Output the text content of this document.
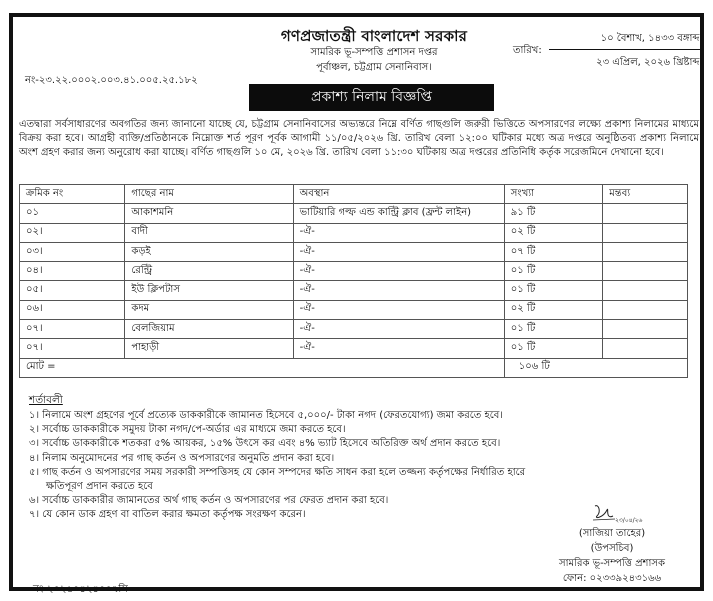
গণপ্রজাতন্ত্রী বাংলাদেশ সরকার
সামরিক ভূ-সম্পত্তি প্রশাসন দপ্তর
পূর্বাঞ্চল, চট্টগ্রাম সেনানিবাস।
নং-২৩.২২.০০০২.০০৩.৪১.০০৫.২৫.১৮২
তারিখ:
১০ বৈশাখ, ১৪৩৩ বঙ্গাব্দ।
২৩ এপ্রিল, ২০২৬ খ্রিষ্টাব্দ।
প্রকাশ্য নিলাম বিজ্ঞপ্তি

এতদ্বারা সর্বসাধারণের অবগতির জন্য জানানো যাচ্ছে যে, চট্টগ্রাম সেনানিবাসের অভ্যন্তরে নিম্নে বর্ণিত গাছগুলি জরুরী ভিত্তিতে অপসারণের লক্ষ্যে প্রকাশ্য নিলামের মাধ্যমে বিক্রয় করা হবে। আগ্রহী ব্যক্তি/প্রতিষ্ঠানকে নিম্নোক্ত শর্ত পূরণ পূর্বক আগামী ১১/০৫/২০২৬ খ্রি. তারিখ বেলা ১২:০০ ঘটিকার মধ্যে অত্র দপ্তরে অনুষ্ঠিতব্য প্রকাশ্য নিলামে অংশ গ্রহণ করার জন্য অনুরোধ করা যাচ্ছে। বর্ণিত গাছগুলি ১০ মে, ২০২৬ খ্রি. তারিখ বেলা ১১:৩০ ঘটিকায় অত্র দপ্তরের প্রতিনিধি কর্তৃক সরেজমিনে দেখানো হবে।

ক্রমিক নং	গাছের নাম	অবস্থান	সংখ্যা	মন্তব্য
০১	আকাশমনি	ভাটিয়ারি গল্ফ এন্ড কান্ট্রি ক্লাব (ফ্রন্ট লাইন)	৯১ টি	
০২।	বাদী	-ঐ-	০২ টি	
০৩।	কড়ই	-ঐ-	০৭ টি	
০৪।	রেন্ট্রি	-ঐ-	০১ টি	
০৫।	ইউ ক্লিপটাস	-ঐ-	০১ টি	
০৬।	কদম	-ঐ-	০২ টি	
০৭।	বেলজিয়াম	-ঐ-	০১ টি	
০৭।	পাহাড়ী	-ঐ-	০১ টি	
মোট =			১০৬ টি	
শর্তাবলী
১। নিলামে অংশ গ্রহণের পূর্বে প্রত্যেক ডাককারীকে জামানত হিসেবে ৫,০০০/- টাকা নগদ (ফেরতযোগ্য) জমা করতে হবে।
২। সর্বোচ্চ ডাককারীকে সমুদয় টাকা নগদ/পে-অর্ডার এর মাধ্যমে জমা করতে হবে।
৩। সর্বোচ্চ ডাককারীকে শতকরা ৫% আয়কর, ১৫% উৎসে কর এবং ৪% ভ্যাট হিসেবে অতিরিক্ত অর্থ প্রদান করতে হবে।
৪। নিলাম অনুমোদনের পর গাছ কর্তন ও অপসারণের অনুমতি প্রদান করা হবে।
৫। গাছ কর্তন ও অপসারণের সময় সরকারী সম্পত্তিসহ যে কোন সম্পদের ক্ষতি সাধন করা হলে তজ্জন্য কর্তৃপক্ষের নির্ধারিত হারে
ক্ষতিপূরণ প্রদান করতে হবে
৬। সর্বোচ্চ ডাককারীর জামানতের অর্থ গাছ কর্তন ও অপসারণের পর ফেরত প্রদান করা হবে।
৭। যে কোন ডাক গ্রহণ বা বাতিল করার ক্ষমতা কর্তৃপক্ষ সংরক্ষণ করেন।
২৩/০৪/২৬
(সাজিয়া তাহের)
(উপসচিব)
সামরিক ভূ-সম্পত্তি প্রশাসক
ফোন: ০২৩৩৯২৪৩১৬৬
নং-২০২৬০৪২৪০০৭সি
